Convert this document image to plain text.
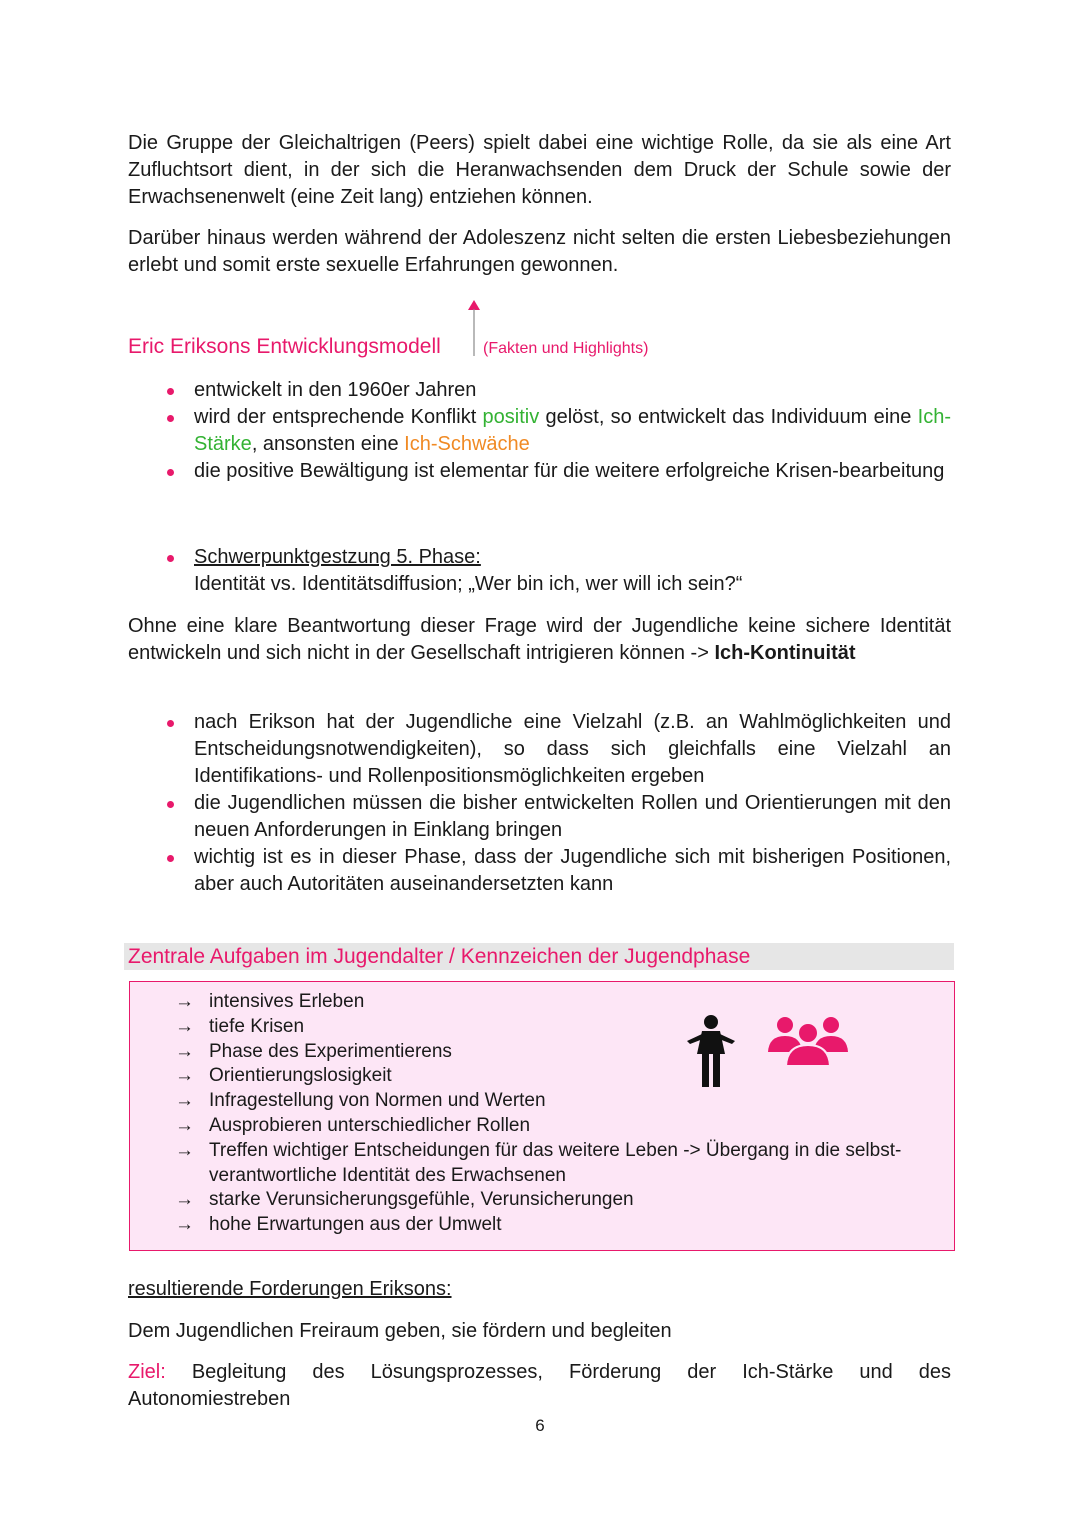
Die Gruppe der Gleichaltrigen (Peers) spielt dabei eine wichtige Rolle, da sie als eine Art Zufluchtsort dient, in der sich die Heranwachsenden dem Druck der Schule sowie der Erwachsenenwelt (eine Zeit lang) entziehen können.

Darüber hinaus werden während der Adoleszenz nicht selten die ersten Liebesbeziehungen erlebt und somit erste sexuelle Erfahrungen gewonnen.

Eric Eriksons Entwicklungsmodell	(Fakten und Highlights)
entwickelt in den 1960er Jahren
wird der entsprechende Konflikt positiv gelöst, so entwickelt das Individuum eine Ich-Stärke, ansonsten eine Ich-Schwäche
die positive Bewältigung ist elementar für die weitere erfolgreiche Krisen-bearbeitung
Schwerpunktgestzung 5. Phase:
Identität vs. Identitätsdiffusion; „Wer bin ich, wer will ich sein?“

Ohne eine klare Beantwortung dieser Frage wird der Jugendliche keine sichere Identität entwickeln und sich nicht in der Gesellschaft intrigieren können -> Ich-Kontinuität

nach Erikson hat der Jugendliche eine Vielzahl (z.B. an Wahlmöglichkeiten und Entscheidungsnotwendigkeiten), so dass sich gleichfalls eine Vielzahl an Identifikations- und Rollenpositionsmöglichkeiten ergeben
die Jugendlichen müssen die bisher entwickelten Rollen und Orientierungen mit den neuen Anforderungen in Einklang bringen
wichtig ist es in dieser Phase, dass der Jugendliche sich mit bisherigen Positionen, aber auch Autoritäten auseinandersetzten kann
Zentrale Aufgaben im Jugendalter / Kennzeichen der Jugendphase
→ intensives Erleben
→ tiefe Krisen
→ Phase des Experimentierens
→ Orientierungslosigkeit
→ Infragestellung von Normen und Werten
→ Ausprobieren unterschiedlicher Rollen
→ Treffen wichtiger Entscheidungen für das weitere Leben -> Übergang in die selbst-verantwortliche Identität des Erwachsenen
→ starke Verunsicherungsgefühle, Verunsicherungen
→ hohe Erwartungen aus der Umwelt

resultierende Forderungen Eriksons:

Dem Jugendlichen Freiraum geben, sie fördern und begleiten

Ziel: Begleitung des Lösungsprozesses, Förderung der Ich-Stärke und des Autonomiestreben

6
